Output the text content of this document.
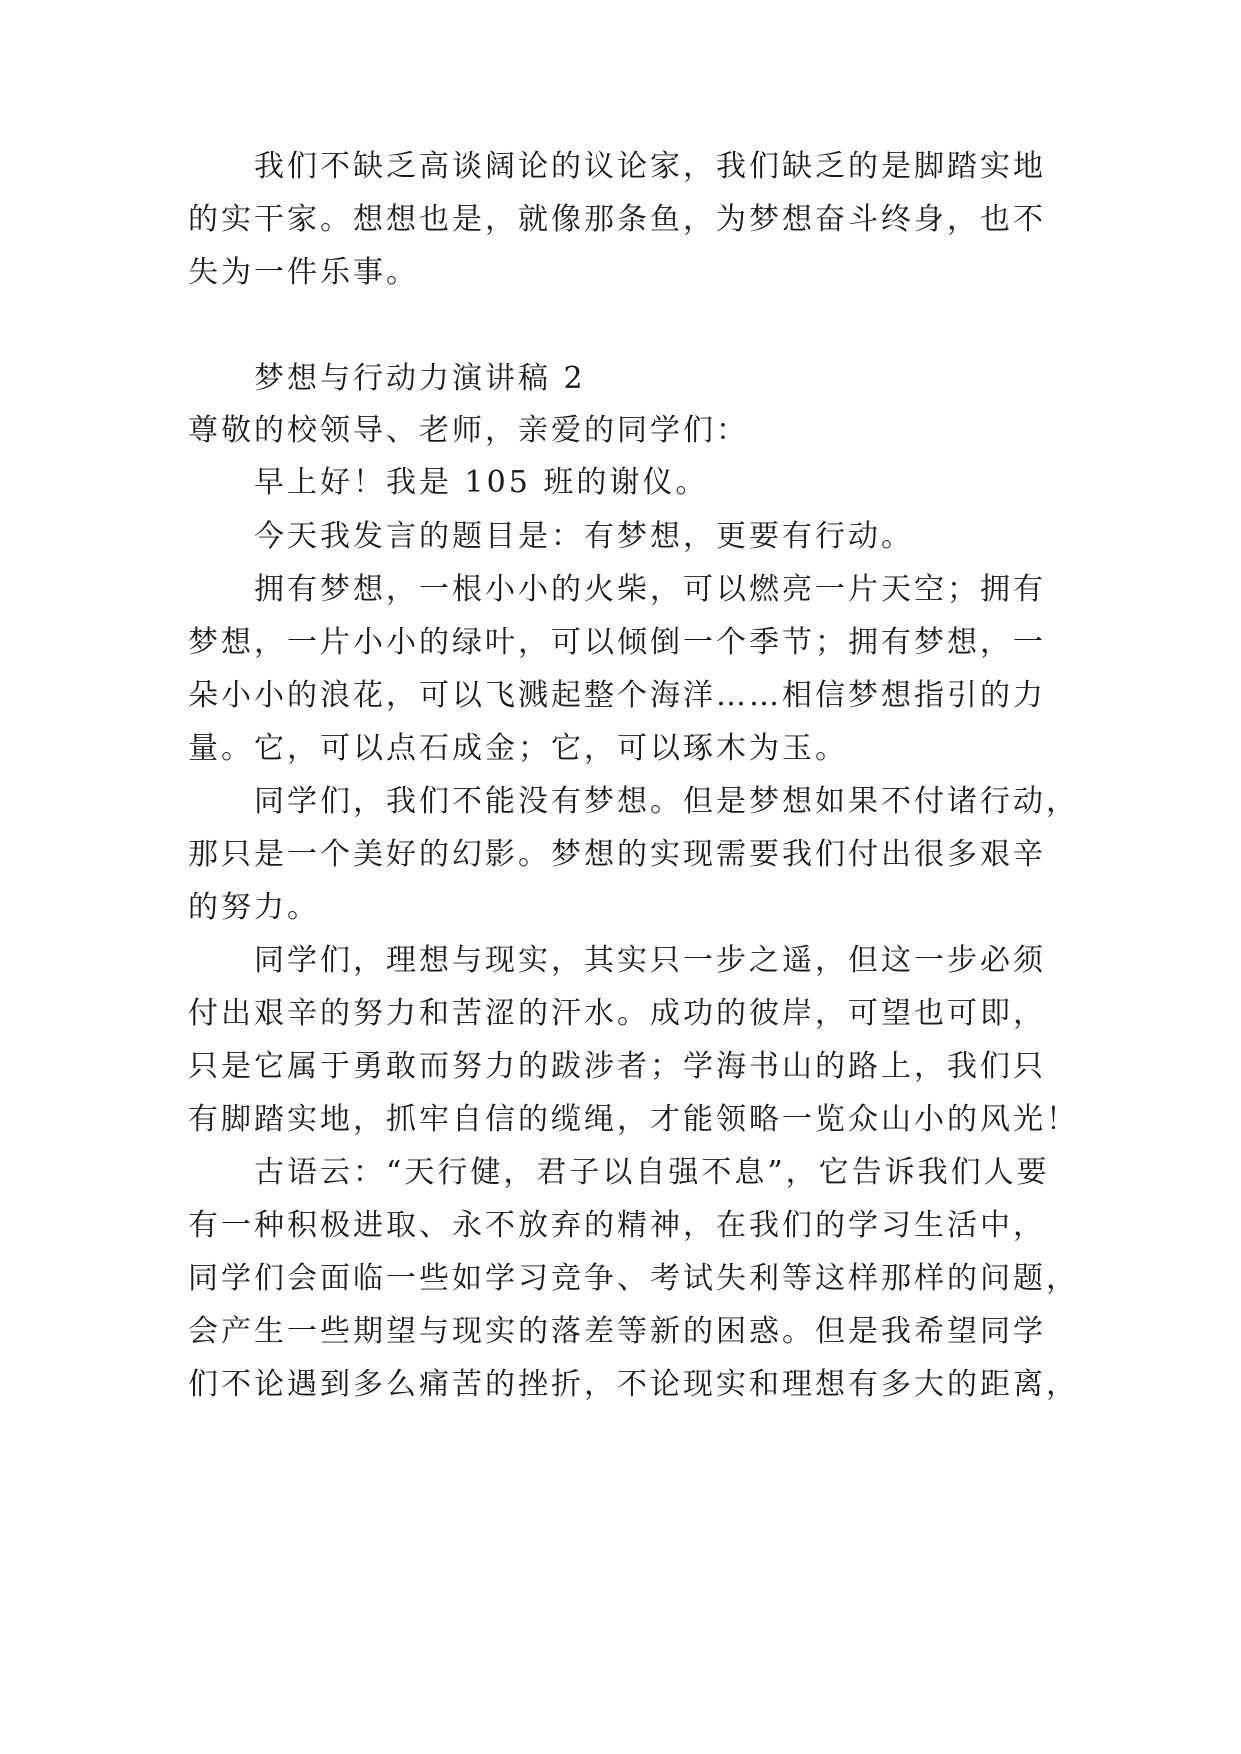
我们不缺乏高谈阔论的议论家，我们缺乏的是脚踏实地
的实干家。想想也是，就像那条鱼，为梦想奋斗终身，也不
失为一件乐事。
梦想与行动力演讲稿 2
尊敬的校领导、老师，亲爱的同学们：
早上好！我是 105 班的谢仪。
今天我发言的题目是：有梦想，更要有行动。
拥有梦想，一根小小的火柴，可以燃亮一片天空；拥有
梦想，一片小小的绿叶，可以倾倒一个季节；拥有梦想，一
朵小小的浪花，可以飞溅起整个海洋……相信梦想指引的力
量。它，可以点石成金；它，可以琢木为玉。
同学们，我们不能没有梦想。但是梦想如果不付诸行动，
那只是一个美好的幻影。梦想的实现需要我们付出很多艰辛
的努力。
同学们，理想与现实，其实只一步之遥，但这一步必须
付出艰辛的努力和苦涩的汗水。成功的彼岸，可望也可即，
只是它属于勇敢而努力的跋涉者；学海书山的路上，我们只
有脚踏实地，抓牢自信的缆绳，才能领略一览众山小的风光！
古语云：“天行健，君子以自强不息”，它告诉我们人要
有一种积极进取、永不放弃的精神，在我们的学习生活中，
同学们会面临一些如学习竞争、考试失利等这样那样的问题，
会产生一些期望与现实的落差等新的困惑。但是我希望同学
们不论遇到多么痛苦的挫折，不论现实和理想有多大的距离，
